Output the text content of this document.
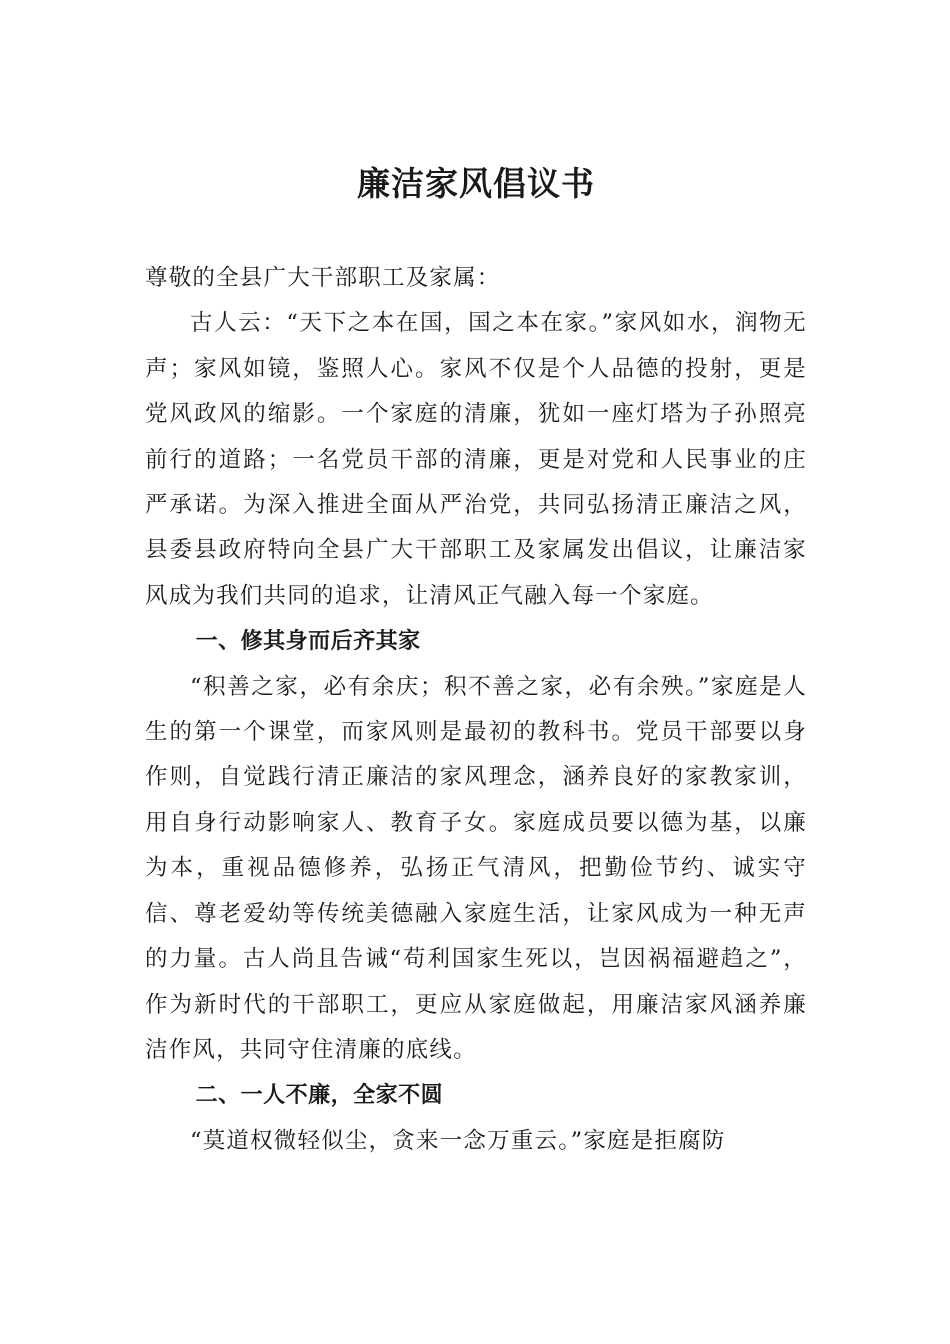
廉洁家风倡议书

尊敬的全县广大干部职工及家属：

古人云：“天下之本在国，国之本在家。”家风如水，润物无声；家风如镜，鉴照人心。家风不仅是个人品德的投射，更是党风政风的缩影。一个家庭的清廉，犹如一座灯塔为子孙照亮前行的道路；一名党员干部的清廉，更是对党和人民事业的庄严承诺。为深入推进全面从严治党，共同弘扬清正廉洁之风，县委县政府特向全县广大干部职工及家属发出倡议，让廉洁家风成为我们共同的追求，让清风正气融入每一个家庭。

一、修其身而后齐其家

“积善之家，必有余庆；积不善之家，必有余殃。”家庭是人生的第一个课堂，而家风则是最初的教科书。党员干部要以身作则，自觉践行清正廉洁的家风理念，涵养良好的家教家训，用自身行动影响家人、教育子女。家庭成员要以德为基，以廉为本，重视品德修养，弘扬正气清风，把勤俭节约、诚实守信、尊老爱幼等传统美德融入家庭生活，让家风成为一种无声的力量。古人尚且告诫“苟利国家生死以，岂因祸福避趋之”，作为新时代的干部职工，更应从家庭做起，用廉洁家风涵养廉洁作风，共同守住清廉的底线。

二、一人不廉，全家不圆

“莫道权微轻似尘，贪来一念万重云。”家庭是拒腐防
